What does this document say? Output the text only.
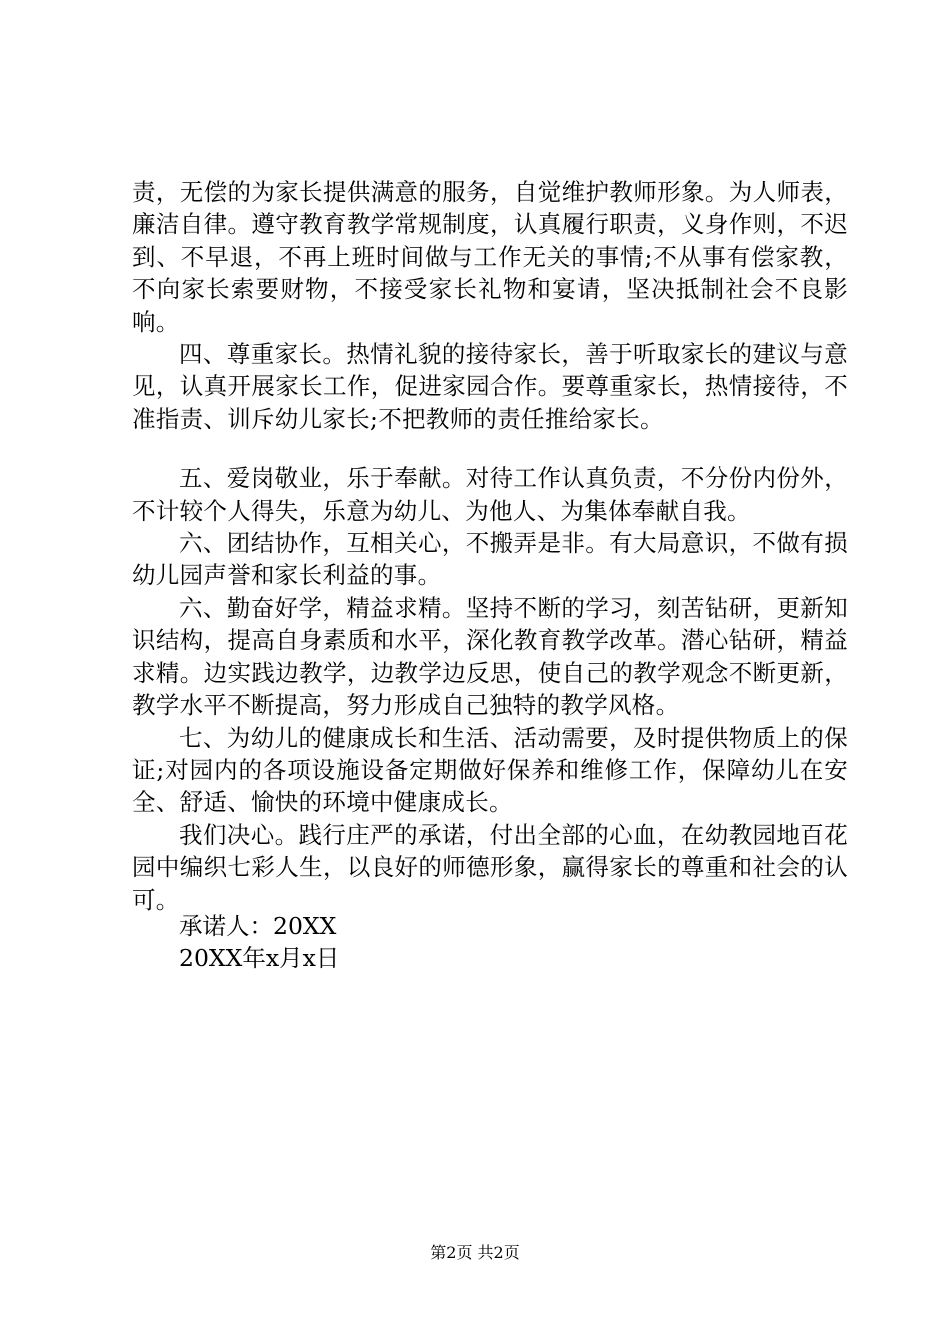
责，无偿的为家长提供满意的服务，自觉维护教师形象。为人师表，廉洁自律。遵守教育教学常规制度，认真履行职责，义身作则，不迟到、不早退，不再上班时间做与工作无关的事情;不从事有偿家教，不向家长索要财物，不接受家长礼物和宴请，坚决抵制社会不良影响。

四、尊重家长。热情礼貌的接待家长，善于听取家长的建议与意见，认真开展家长工作，促进家园合作。要尊重家长，热情接待，不准指责、训斥幼儿家长;不把教师的责任推给家长。

五、爱岗敬业，乐于奉献。对待工作认真负责，不分份内份外，不计较个人得失，乐意为幼儿、为他人、为集体奉献自我。

六、团结协作，互相关心，不搬弄是非。有大局意识，不做有损幼儿园声誉和家长利益的事。

六、勤奋好学，精益求精。坚持不断的学习，刻苦钻研，更新知识结构，提高自身素质和水平，深化教育教学改革。潜心钻研，精益求精。边实践边教学，边教学边反思，使自己的教学观念不断更新，教学水平不断提高，努力形成自己独特的教学风格。

七、为幼儿的健康成长和生活、活动需要，及时提供物质上的保证;对园内的各项设施设备定期做好保养和维修工作，保障幼儿在安全、舒适、愉快的环境中健康成长。

我们决心。践行庄严的承诺，付出全部的心血，在幼教园地百花园中编织七彩人生，以良好的师德形象，赢得家长的尊重和社会的认可。

承诺人：20XX
20XX年x月x日
第2页 共2页
